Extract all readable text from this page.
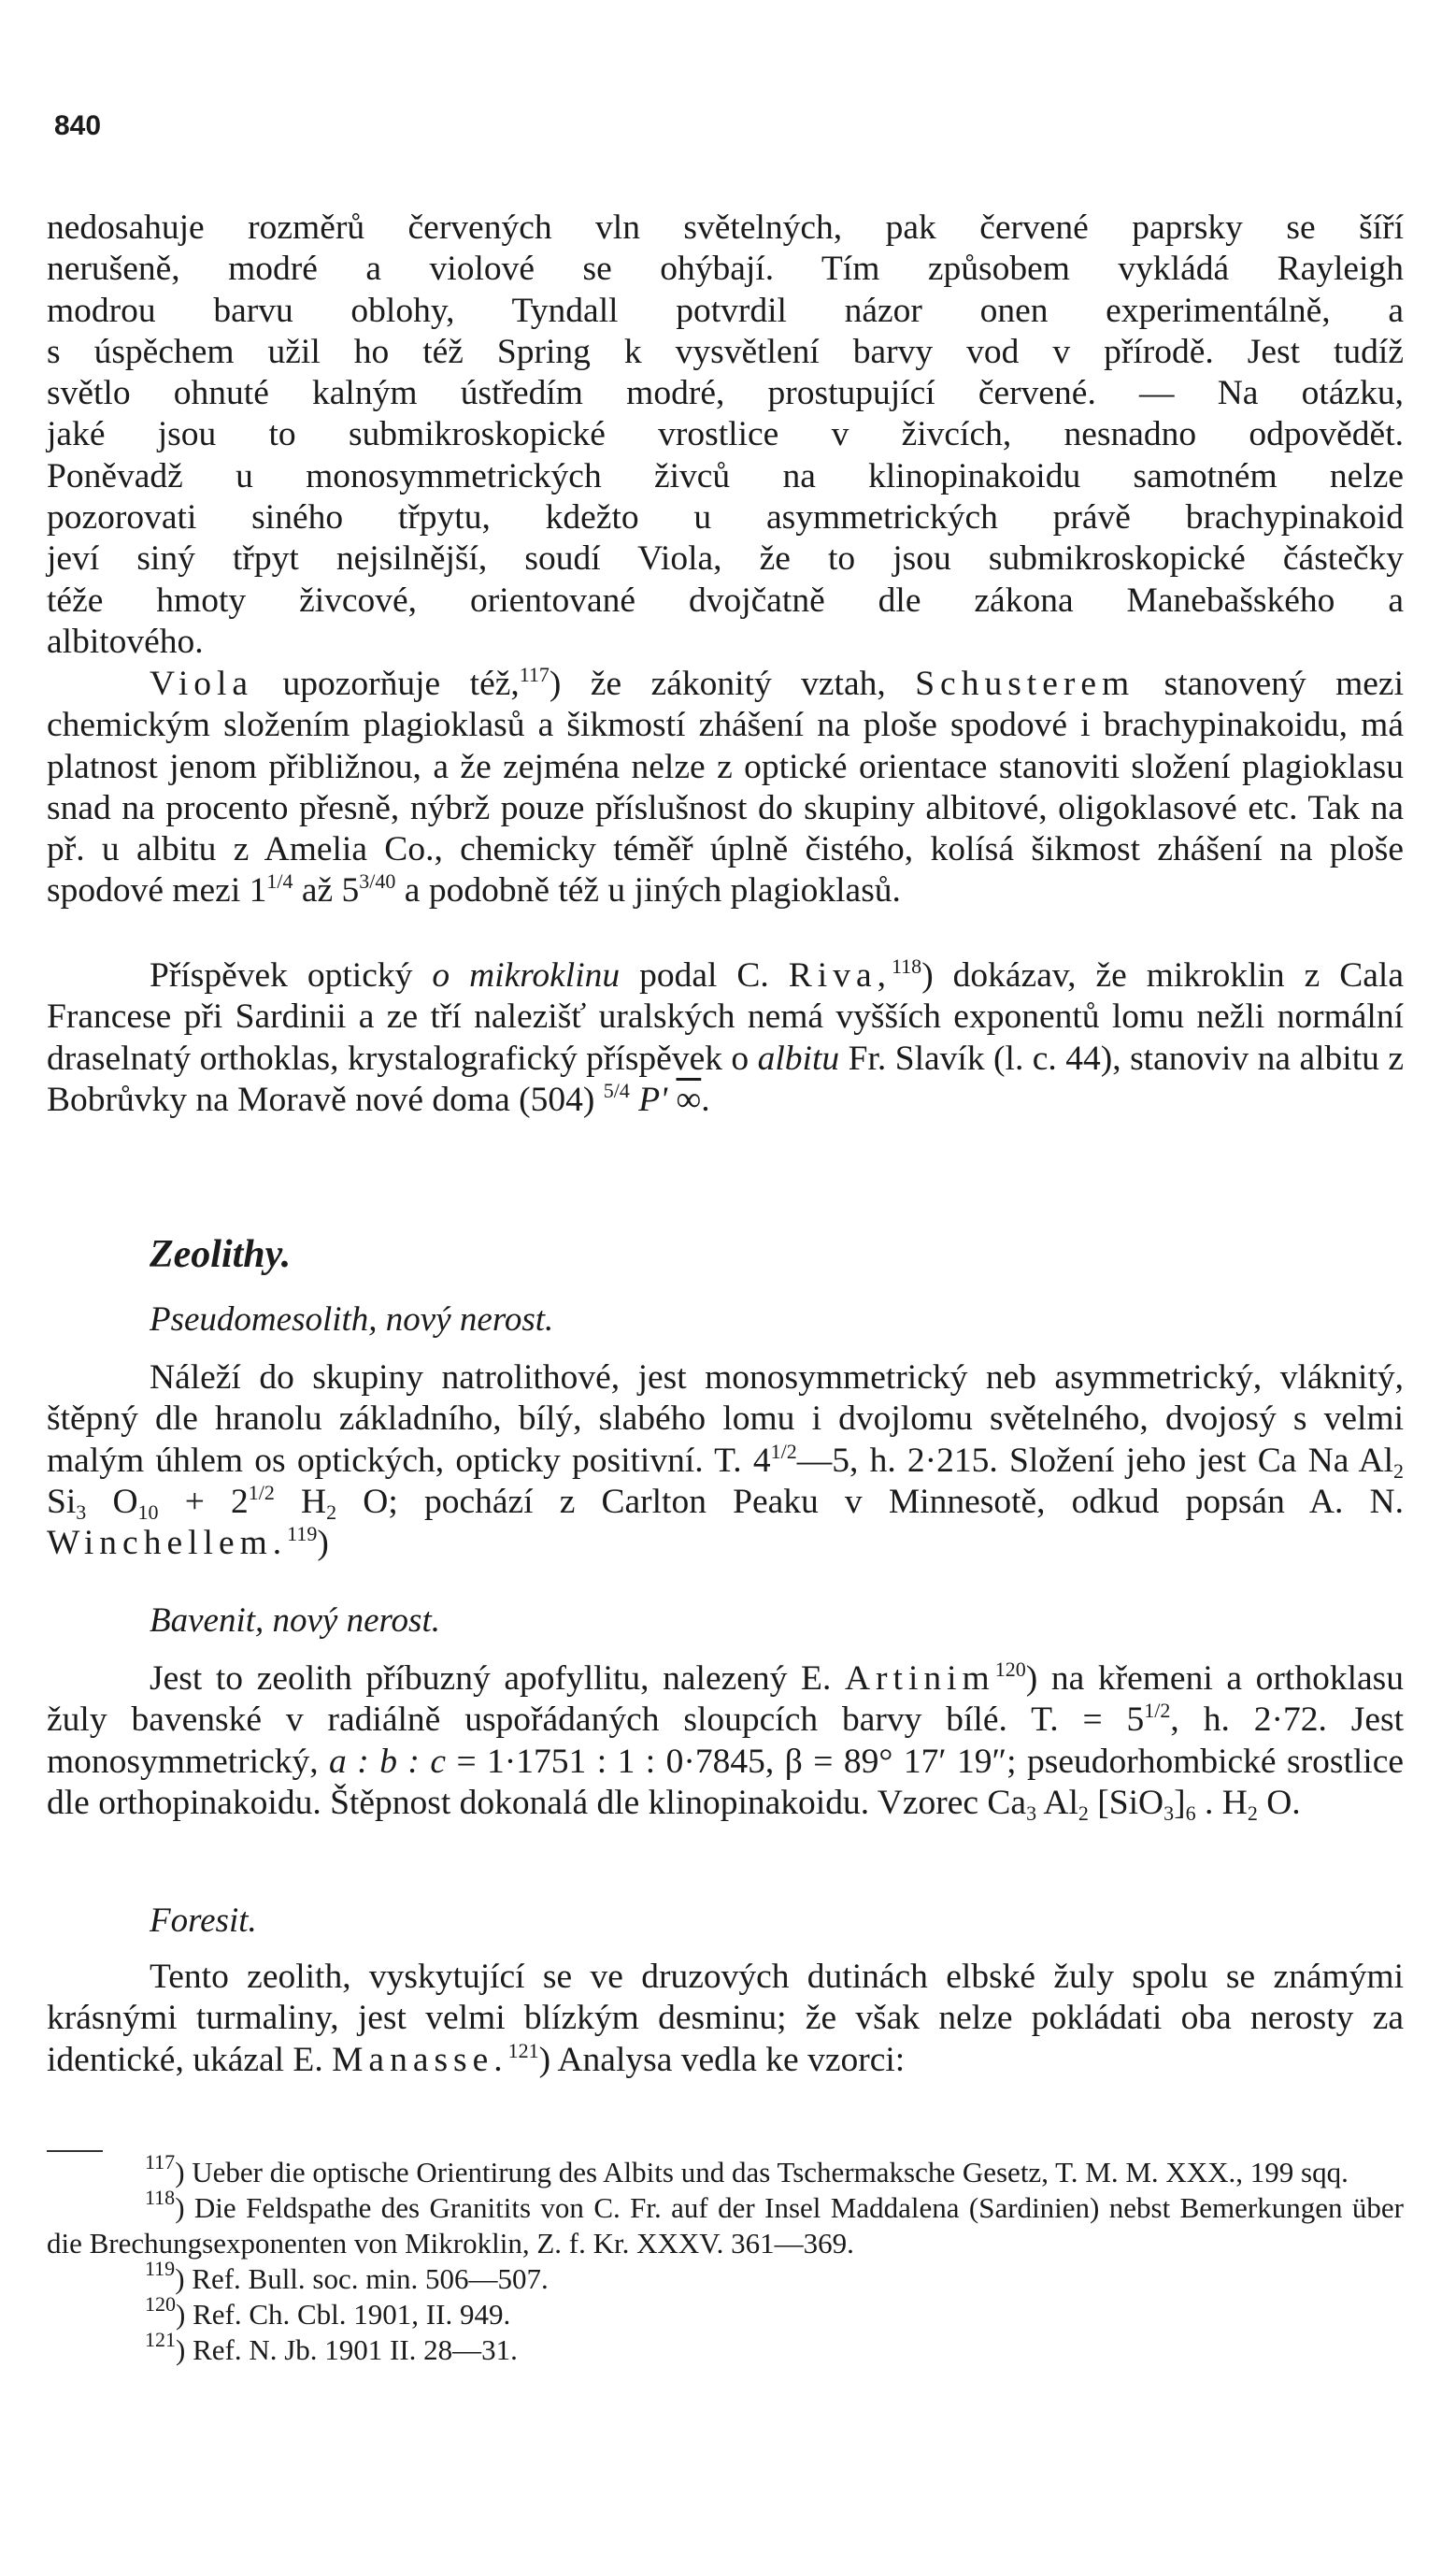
840

nedosahuje rozměrů červených vln světelných, pak červené paprsky se šíří

nerušeně, modré a violové se ohýbají. Tím způsobem vykládá Rayleigh

modrou barvu oblohy, Tyndall potvrdil názor onen experimentálně, a

s úspěchem užil ho též Spring k vysvětlení barvy vod v přírodě. Jest tudíž

světlo ohnuté kalným ústředím modré, prostupující červené. — Na otázku,

jaké jsou to submikroskopické vrostlice v živcích, nesnadno odpovědět.

Poněvadž u monosymmetrických živců na klinopinakoidu samotném nelze

pozorovati siného třpytu, kdežto u asymmetrických právě brachypinakoid

jeví siný třpyt nejsilnější, soudí Viola, že to jsou submikroskopické částečky

téže hmoty živcové, orientované dvojčatně dle zákona Manebašského a

albitového.

Viola upozorňuje též,$^{117}$) že zákonitý vztah, Schusterem stanovený mezi chemickým složením plagioklasů a šikmostí zhášení na ploše spodové i brachypinakoidu, má platnost jenom přibližnou, a že zejména nelze z optické orientace stanoviti složení plagioklasu snad na procento přesně, nýbrž pouze příslušnost do skupiny albitové, oligoklasové etc. Tak na př. u albitu z Amelia Co., chemicky téměř úplně čistého, kolísá šikmost zhášení na ploše spodové mezi $1^{1/4}$ až $5^{3/40}$ a podobně též u jiných plagioklasů.

Příspěvek optický o mikroklinu podal C. Riva,$^{118}$) dokázav, že mikroklin z Cala Francese při Sardinii a ze tří nalezišť uralských nemá vyšších exponentů lomu nežli normální draselnatý orthoklas, krystalografický příspěvek o albitu Fr. Slavík (l. c. 44), stanoviv na albitu z Bobrůvky na Moravě nové doma (504) $^{5/4}$ P' ∞.

Zeolithy.
Pseudomesolith, nový nerost.

Náleží do skupiny natrolithové, jest monosymmetrický neb asymmetrický, vláknitý, štěpný dle hranolu základního, bílý, slabého lomu i dvojlomu světelného, dvojosý s velmi malým úhlem os optických, opticky positivní. T. $4^{1/2}—5$, h. 2·215. Složení jeho jest Ca Na $Al_2$ $Si_3$ $O_{10} + 2^{1/2}$ $H_2$ O; pochází z Carlton Peaku v Minnesotě, odkud popsán A. N. Winchellem.$^{119}$)

Bavenit, nový nerost.

Jest to zeolith příbuzný apofyllitu, nalezený E. Artinim$^{120}$) na křemeni a orthoklasu žuly bavenské v radiálně uspořádaných sloupcích barvy bílé. T. = $5^{1/2}$, h. 2·72. Jest monosymmetrický, a : b : c = 1·1751 : 1 : 0·7845, β = 89° 17′ 19″; pseudorhombické srostlice dle orthopinakoidu. Štěpnost dokonalá dle klinopinakoidu. Vzorec $Ca_3$ $Al_2$ $[SiO_3]_6$ . $H_2$ O.

Foresit.

Tento zeolith, vyskytující se ve druzových dutinách elbské žuly spolu se známými krásnými turmaliny, jest velmi blízkým desminu; že však nelze pokládati oba nerosty za identické, ukázal E. Manasse.$^{121}$) Analysa vedla ke vzorci:

$^{117}$) Ueber die optische Orientirung des Albits und das Tschermaksche Gesetz, T. M. M. XXX., 199 sqq.

$^{118}$) Die Feldspathe des Granitits von C. Fr. auf der Insel Maddalena (Sardinien) nebst Bemerkungen über die Brechungsexponenten von Mikroklin, Z. f. Kr. XXXV. 361—369.

$^{119}$) Ref. Bull. soc. min. 506—507.

$^{120}$) Ref. Ch. Cbl. 1901, II. 949.

$^{121}$) Ref. N. Jb. 1901 II. 28—31.
